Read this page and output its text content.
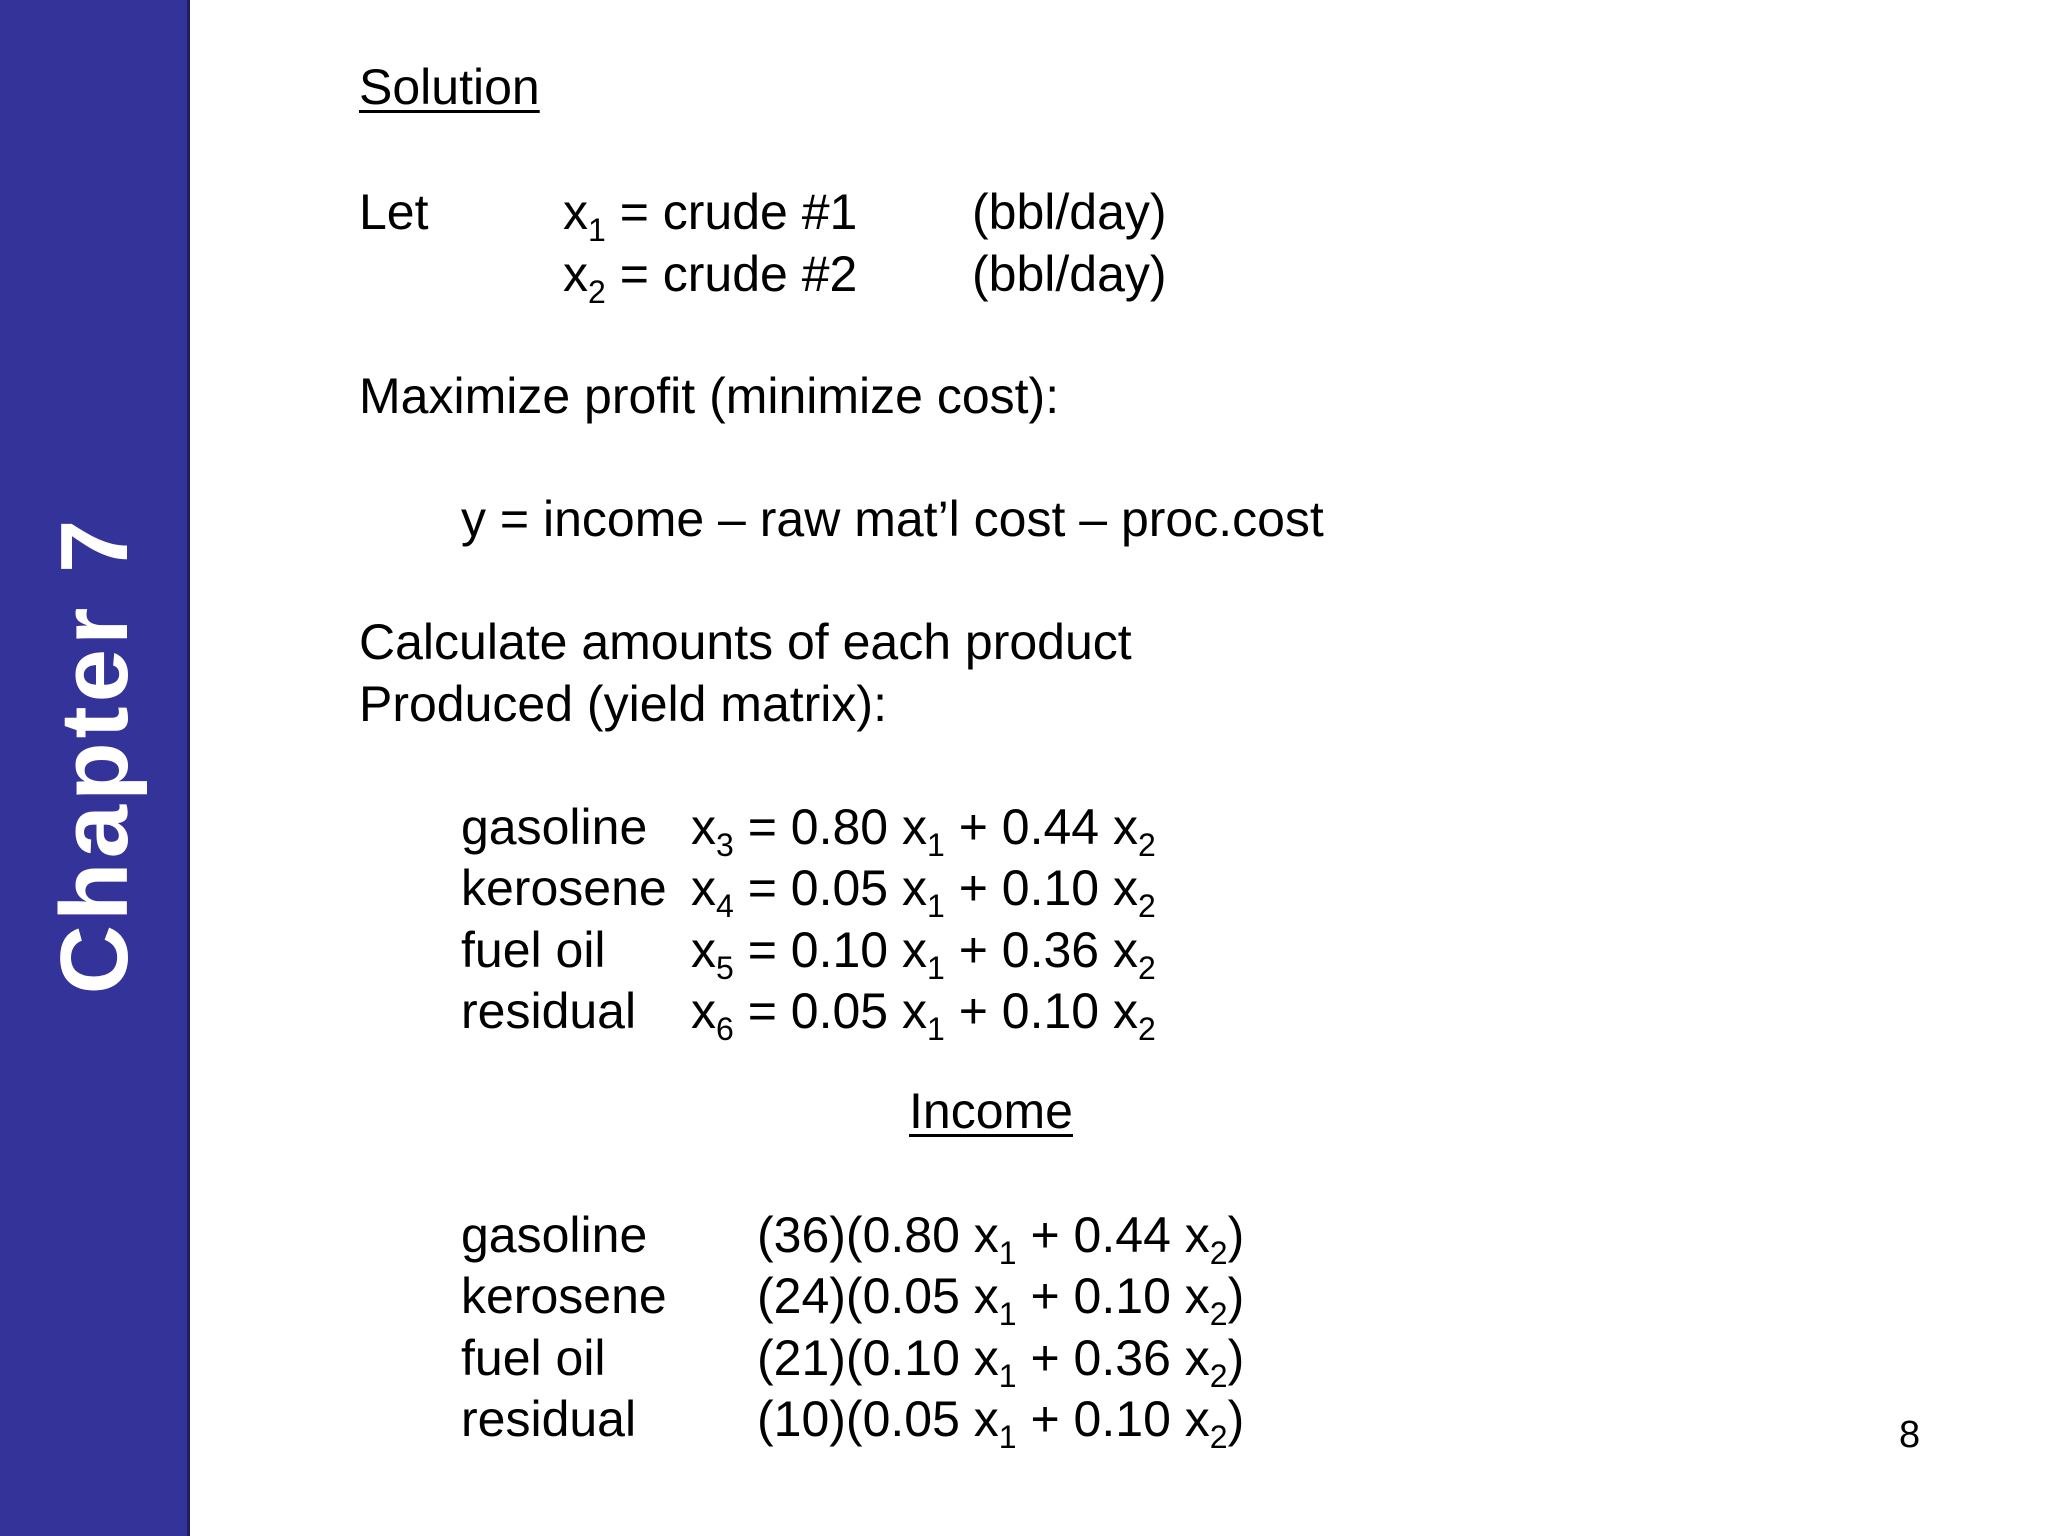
Chapter 7
Solution
Let	$x_1$ = crude #1 (bbl/day)
$x_2$ = crude #2 (bbl/day)
Maximize profit (minimize cost):
y = income – raw mat’l cost – proc.cost
Calculate amounts of each product
Produced (yield matrix):
gasoline $x_3 = 0.80$ $x_1 + 0.44$ $x_2$
kerosene $x_4 = 0.05$ $x_1 + 0.10$ $x_2$
fuel oil $x_5 = 0.10$ $x_1 + 0.36$ $x_2$
residual $x_6 = 0.05$ $x_1 + 0.10$ $x_2$
Income
gasoline (36)(0.80 $x_1 + 0.44$ $x_2$)
kerosene (24)(0.05 $x_1 + 0.10$ $x_2$)
fuel oil	(21)(0.10 $x_1 + 0.36$ $x_2$)
residual (10)(0.05 $x_1 + 0.10$ $x_2$)	8
